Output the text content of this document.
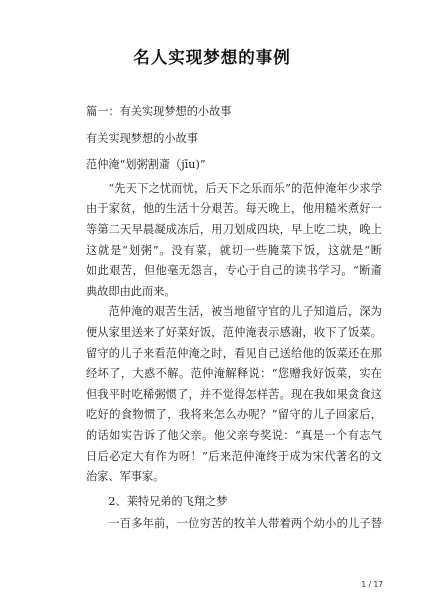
名人实现梦想的事例
篇一：有关实现梦想的小故事
有关实现梦想的小故事
范仲淹“划粥割齑（jīu)”
“先天下之忧而忧，后天下之乐而乐”的范仲淹年少求学
由于家贫，他的生活十分艰苦。每天晚上，他用糙米煮好一
等第二天早晨凝成冻后，用刀划成四块，早上吃二块，晚上
这就是“划粥”。没有菜，就切一些腌菜下饭，这就是“断
如此艰苦，但他毫无怨言，专心于自己的读书学习。“断齑
典故即由此而来。
范仲淹的艰苦生活，被当地留守官的儿子知道后，深为
便从家里送来了好菜好饭，范仲淹表示感谢，收下了饭菜。
留守的儿子来看范仲淹之时，看见自己送给他的饭菜还在那
经坏了，大惑不解。范仲淹解释说：“您赠我好饭菜，实在
但我平时吃稀粥惯了，并不觉得怎样苦。现在我如果贪食这
吃好的食物惯了，我将来怎么办呢？”留守的儿子回家后，
的话如实告诉了他父亲。他父亲夸奖说：“真是一个有志气
日后必定大有作为呀！”后来范仲淹终于成为宋代著名的文
治家、军事家。
2、莱特兄弟的飞翔之梦
一百多年前，一位穷苦的牧羊人带着两个幼小的儿子替
1 / 17
